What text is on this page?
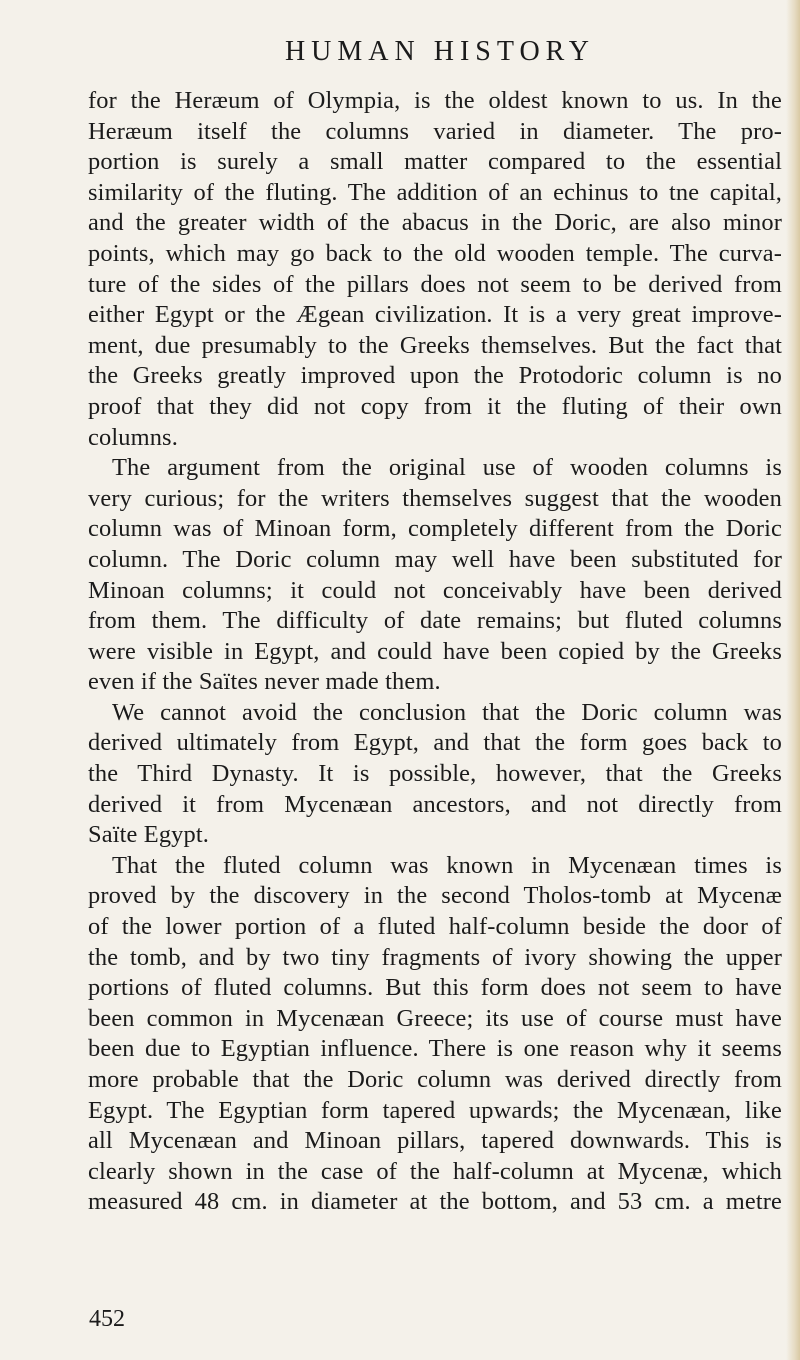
HUMAN HISTORY
for the Heræum of Olympia, is the oldest known to us. In the
Heræum itself the columns varied in diameter. The pro-
portion is surely a small matter compared to the essential
similarity of the fluting. The addition of an echinus to tne capital,
and the greater width of the abacus in the Doric, are also minor
points, which may go back to the old wooden temple. The curva-
ture of the sides of the pillars does not seem to be derived from
either Egypt or the Ægean civilization. It is a very great improve-
ment, due presumably to the Greeks themselves. But the fact that
the Greeks greatly improved upon the Protodoric column is no
proof that they did not copy from it the fluting of their own
columns.
The argument from the original use of wooden columns is
very curious; for the writers themselves suggest that the wooden
column was of Minoan form, completely different from the Doric
column. The Doric column may well have been substituted for
Minoan columns; it could not conceivably have been derived
from them. The difficulty of date remains; but fluted columns
were visible in Egypt, and could have been copied by the Greeks
even if the Saïtes never made them.
We cannot avoid the conclusion that the Doric column was
derived ultimately from Egypt, and that the form goes back to
the Third Dynasty. It is possible, however, that the Greeks
derived it from Mycenæan ancestors, and not directly from
Saïte Egypt.
That the fluted column was known in Mycenæan times is
proved by the discovery in the second Tholos-tomb at Mycenæ
of the lower portion of a fluted half-column beside the door of
the tomb, and by two tiny fragments of ivory showing the upper
portions of fluted columns. But this form does not seem to have
been common in Mycenæan Greece; its use of course must have
been due to Egyptian influence. There is one reason why it seems
more probable that the Doric column was derived directly from
Egypt. The Egyptian form tapered upwards; the Mycenæan, like
all Mycenæan and Minoan pillars, tapered downwards. This is
clearly shown in the case of the half-column at Mycenæ, which
measured 48 cm. in diameter at the bottom, and 53 cm. a metre
452
